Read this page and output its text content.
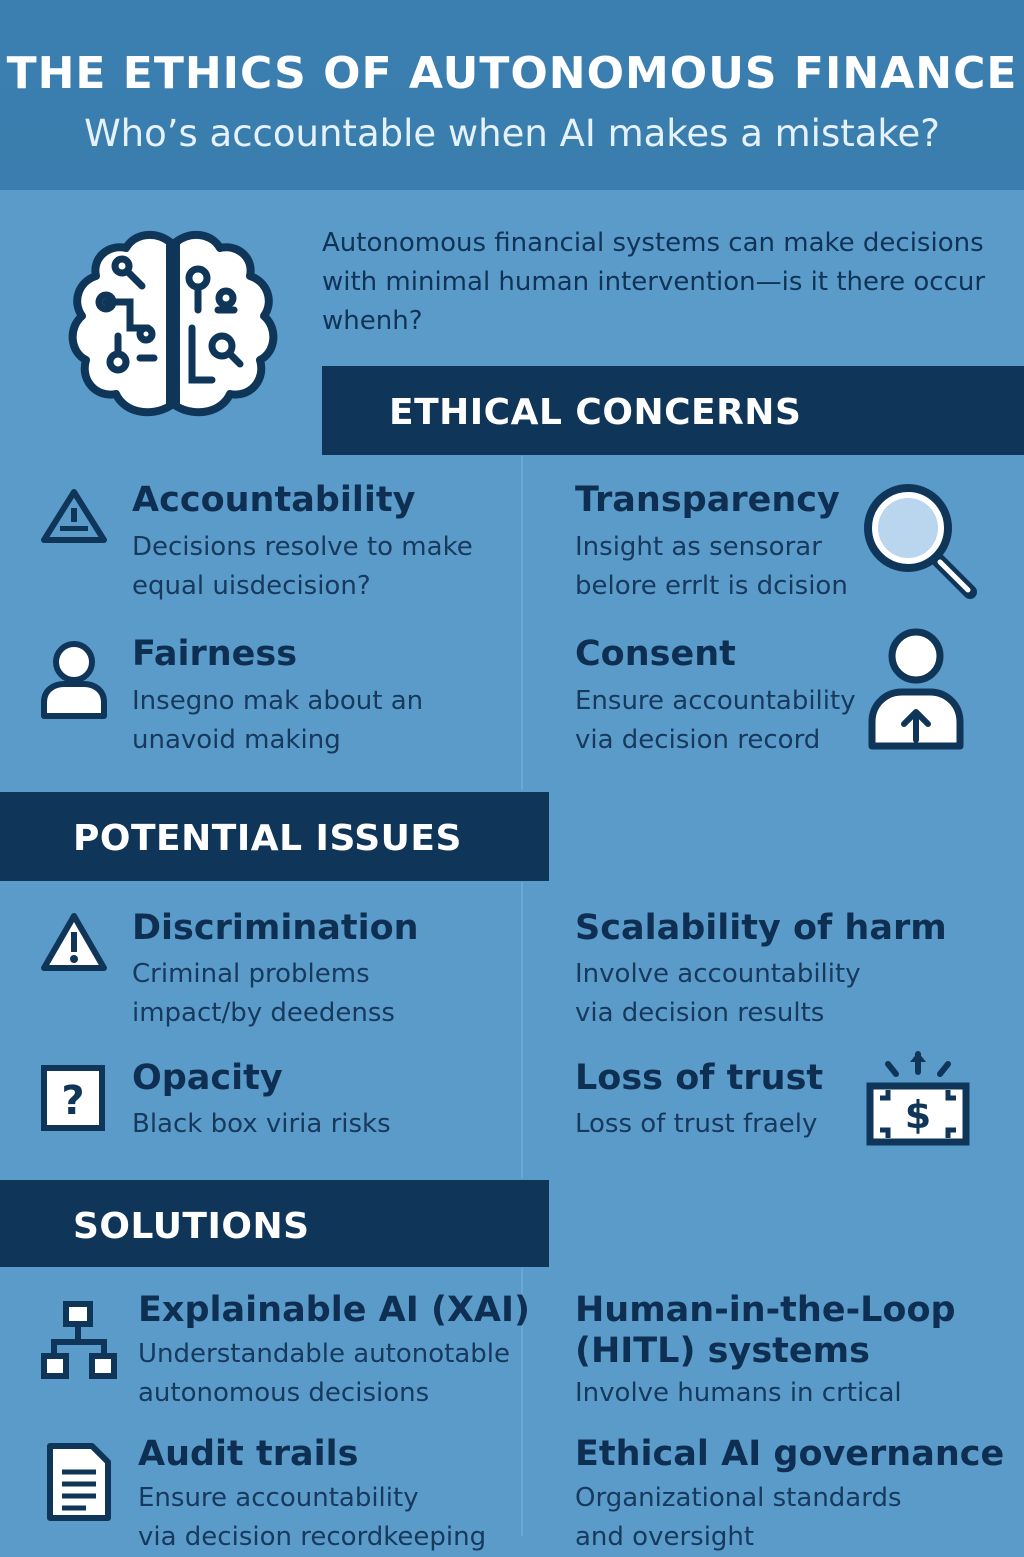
THE ETHICS OF AUTONOMOUS FINANCE
Who’s accountable when AI makes a mistake?
Autonomous financial systems can make decisions with minimal human intervention—is it there occur whenh?
ETHICAL CONCERNS
Accountability
Decisions resolve to make
equal uisdecision?
Transparency
Insight as sensorar
belore errlt is dcision
Fairness
Insegno mak about an
unavoid making
Consent
Ensure accountability
via decision record
POTENTIAL ISSUES
Discrimination
Criminal problems
impact/by deedenss
Scalability of harm
Involve accountability
via decision results
? Opacity
Black box viria risks
Loss of trust
Loss of trust fraely $
SOLUTIONS
Explainable AI (XAI)
Understandable autonotable
autonomous decisions
Human-in-the-Loop
(HITL) systems
Involve humans in crtical
Audit trails
Ensure accountability
via decision recordkeeping
Ethical AI governance
Organizational standards
and oversight
